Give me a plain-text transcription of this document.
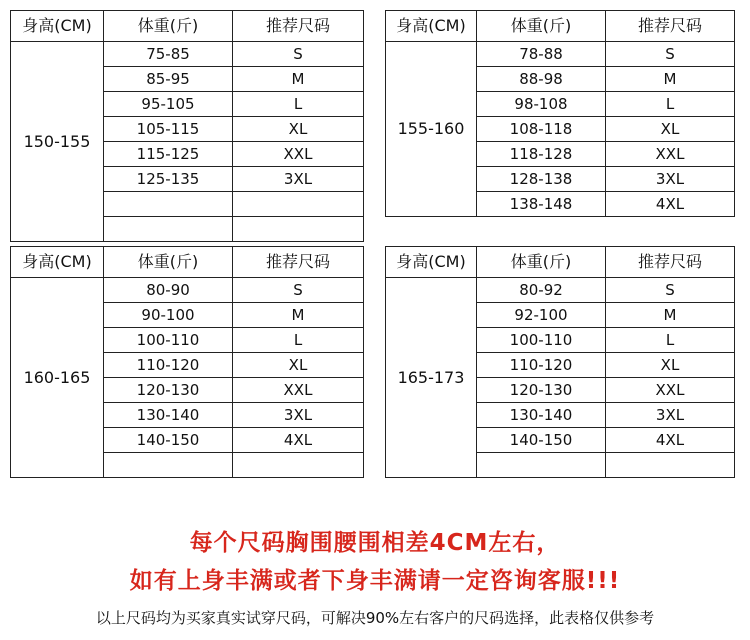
身高(CM)	体重(斤)	推荐尺码
150-155	75-85	S
	85-95	M
	95-105	L
	105-115	XL
	115-125	XXL
	125-135	3XL

身高(CM)	体重(斤)	推荐尺码
155-160	78-88	S
	88-98	M
	98-108	L
	108-118	XL
	118-128	XXL
	128-138	3XL
	138-148	4XL
身高(CM)	体重(斤)	推荐尺码
160-165	80-90	S
	90-100	M
	100-110	L
	110-120	XL
	120-130	XXL
	130-140	3XL
	140-150	4XL

身高(CM)	体重(斤)	推荐尺码
165-173	80-92	S
	92-100	M
	100-110	L
	110-120	XL
	120-130	XXL
	130-140	3XL
	140-150	4XL

每个尺码胸围腰围相差4CM左右，
如有上身丰满或者下身丰满请一定咨询客服!!!
以上尺码均为买家真实试穿尺码，可解决90%左右客户的尺码选择，此表格仅供参考
